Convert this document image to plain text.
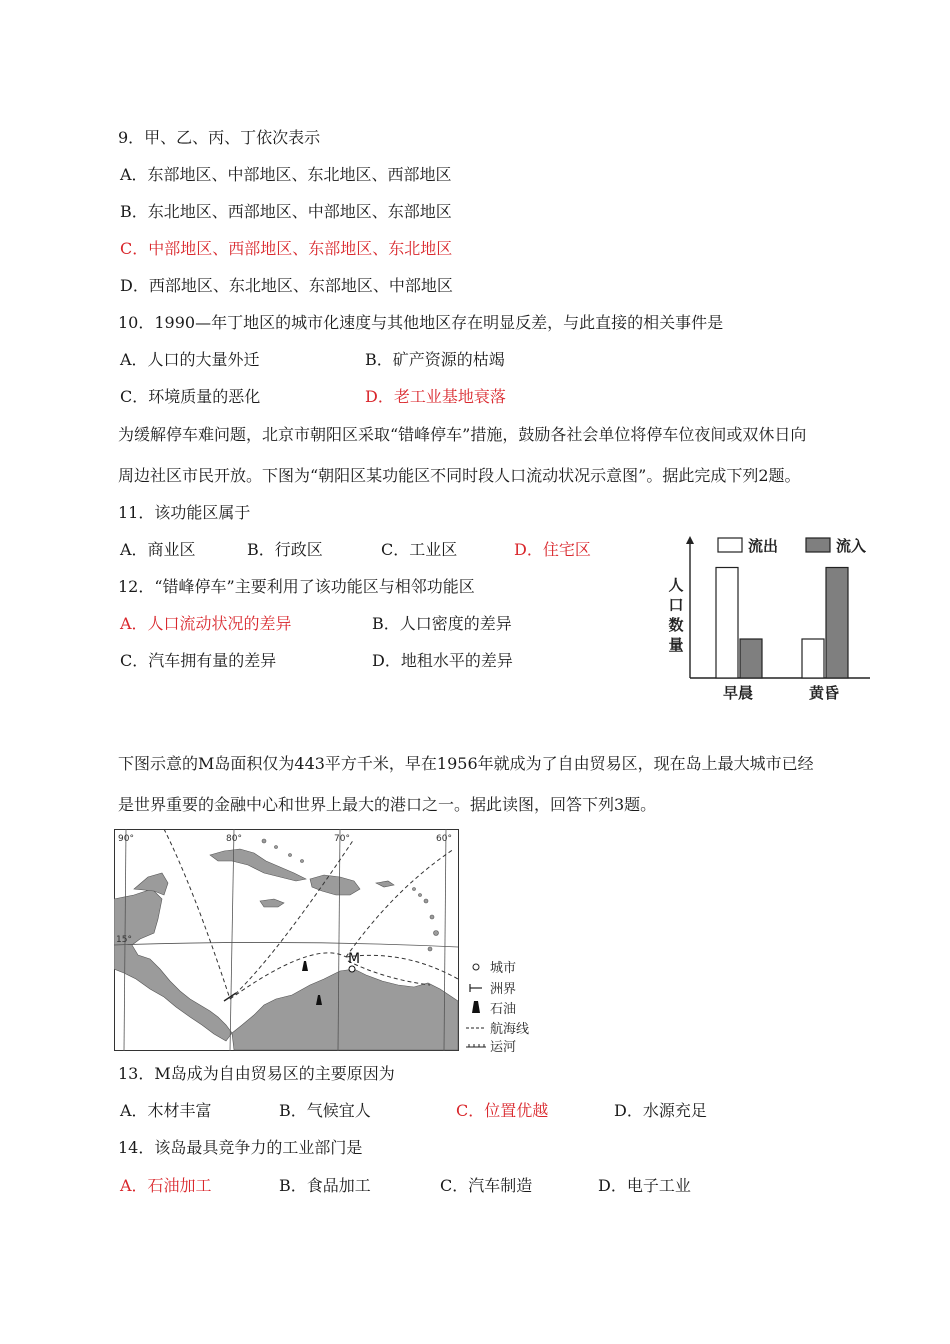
9．甲、乙、丙、丁依次表示
A．东部地区、中部地区、东北地区、西部地区
B．东北地区、西部地区、中部地区、东部地区
C．中部地区、西部地区、东部地区、东北地区
D．西部地区、东北地区、东部地区、中部地区
10．1990—年丁地区的城市化速度与其他地区存在明显反差，与此直接的相关事件是
A．人口的大量外迁	B．矿产资源的枯竭
C．环境质量的恶化	D．老工业基地衰落
为缓解停车难问题，北京市朝阳区采取“错峰停车”措施，鼓励各社会单位将停车位夜间或双休日向
周边社区市民开放。下图为“朝阳区某功能区不同时段人口流动状况示意图”。据此完成下列2题。
11．该功能区属于
A．商业区	B．行政区	C．工业区	D．住宅区
12．“错峰停车”主要利用了该功能区与相邻功能区
A．人口流动状况的差异	B．人口密度的差异
C．汽车拥有量的差异	D．地租水平的差异
流出	流入
人
口
数
量
早晨	黄昏
下图示意的M岛面积仅为443平方千米，早在1956年就成为了自由贸易区，现在岛上最大城市已经
是世界重要的金融中心和世界上最大的港口之一。据此读图，回答下列3题。
M
90°	80°	70°	60°
15°
城市
洲界
石油
航海线
运河
13．M岛成为自由贸易区的主要原因为
A．木材丰富	B．气候宜人	C．位置优越	D．水源充足
14．该岛最具竞争力的工业部门是
A．石油加工	B．食品加工	C．汽车制造	D．电子工业
